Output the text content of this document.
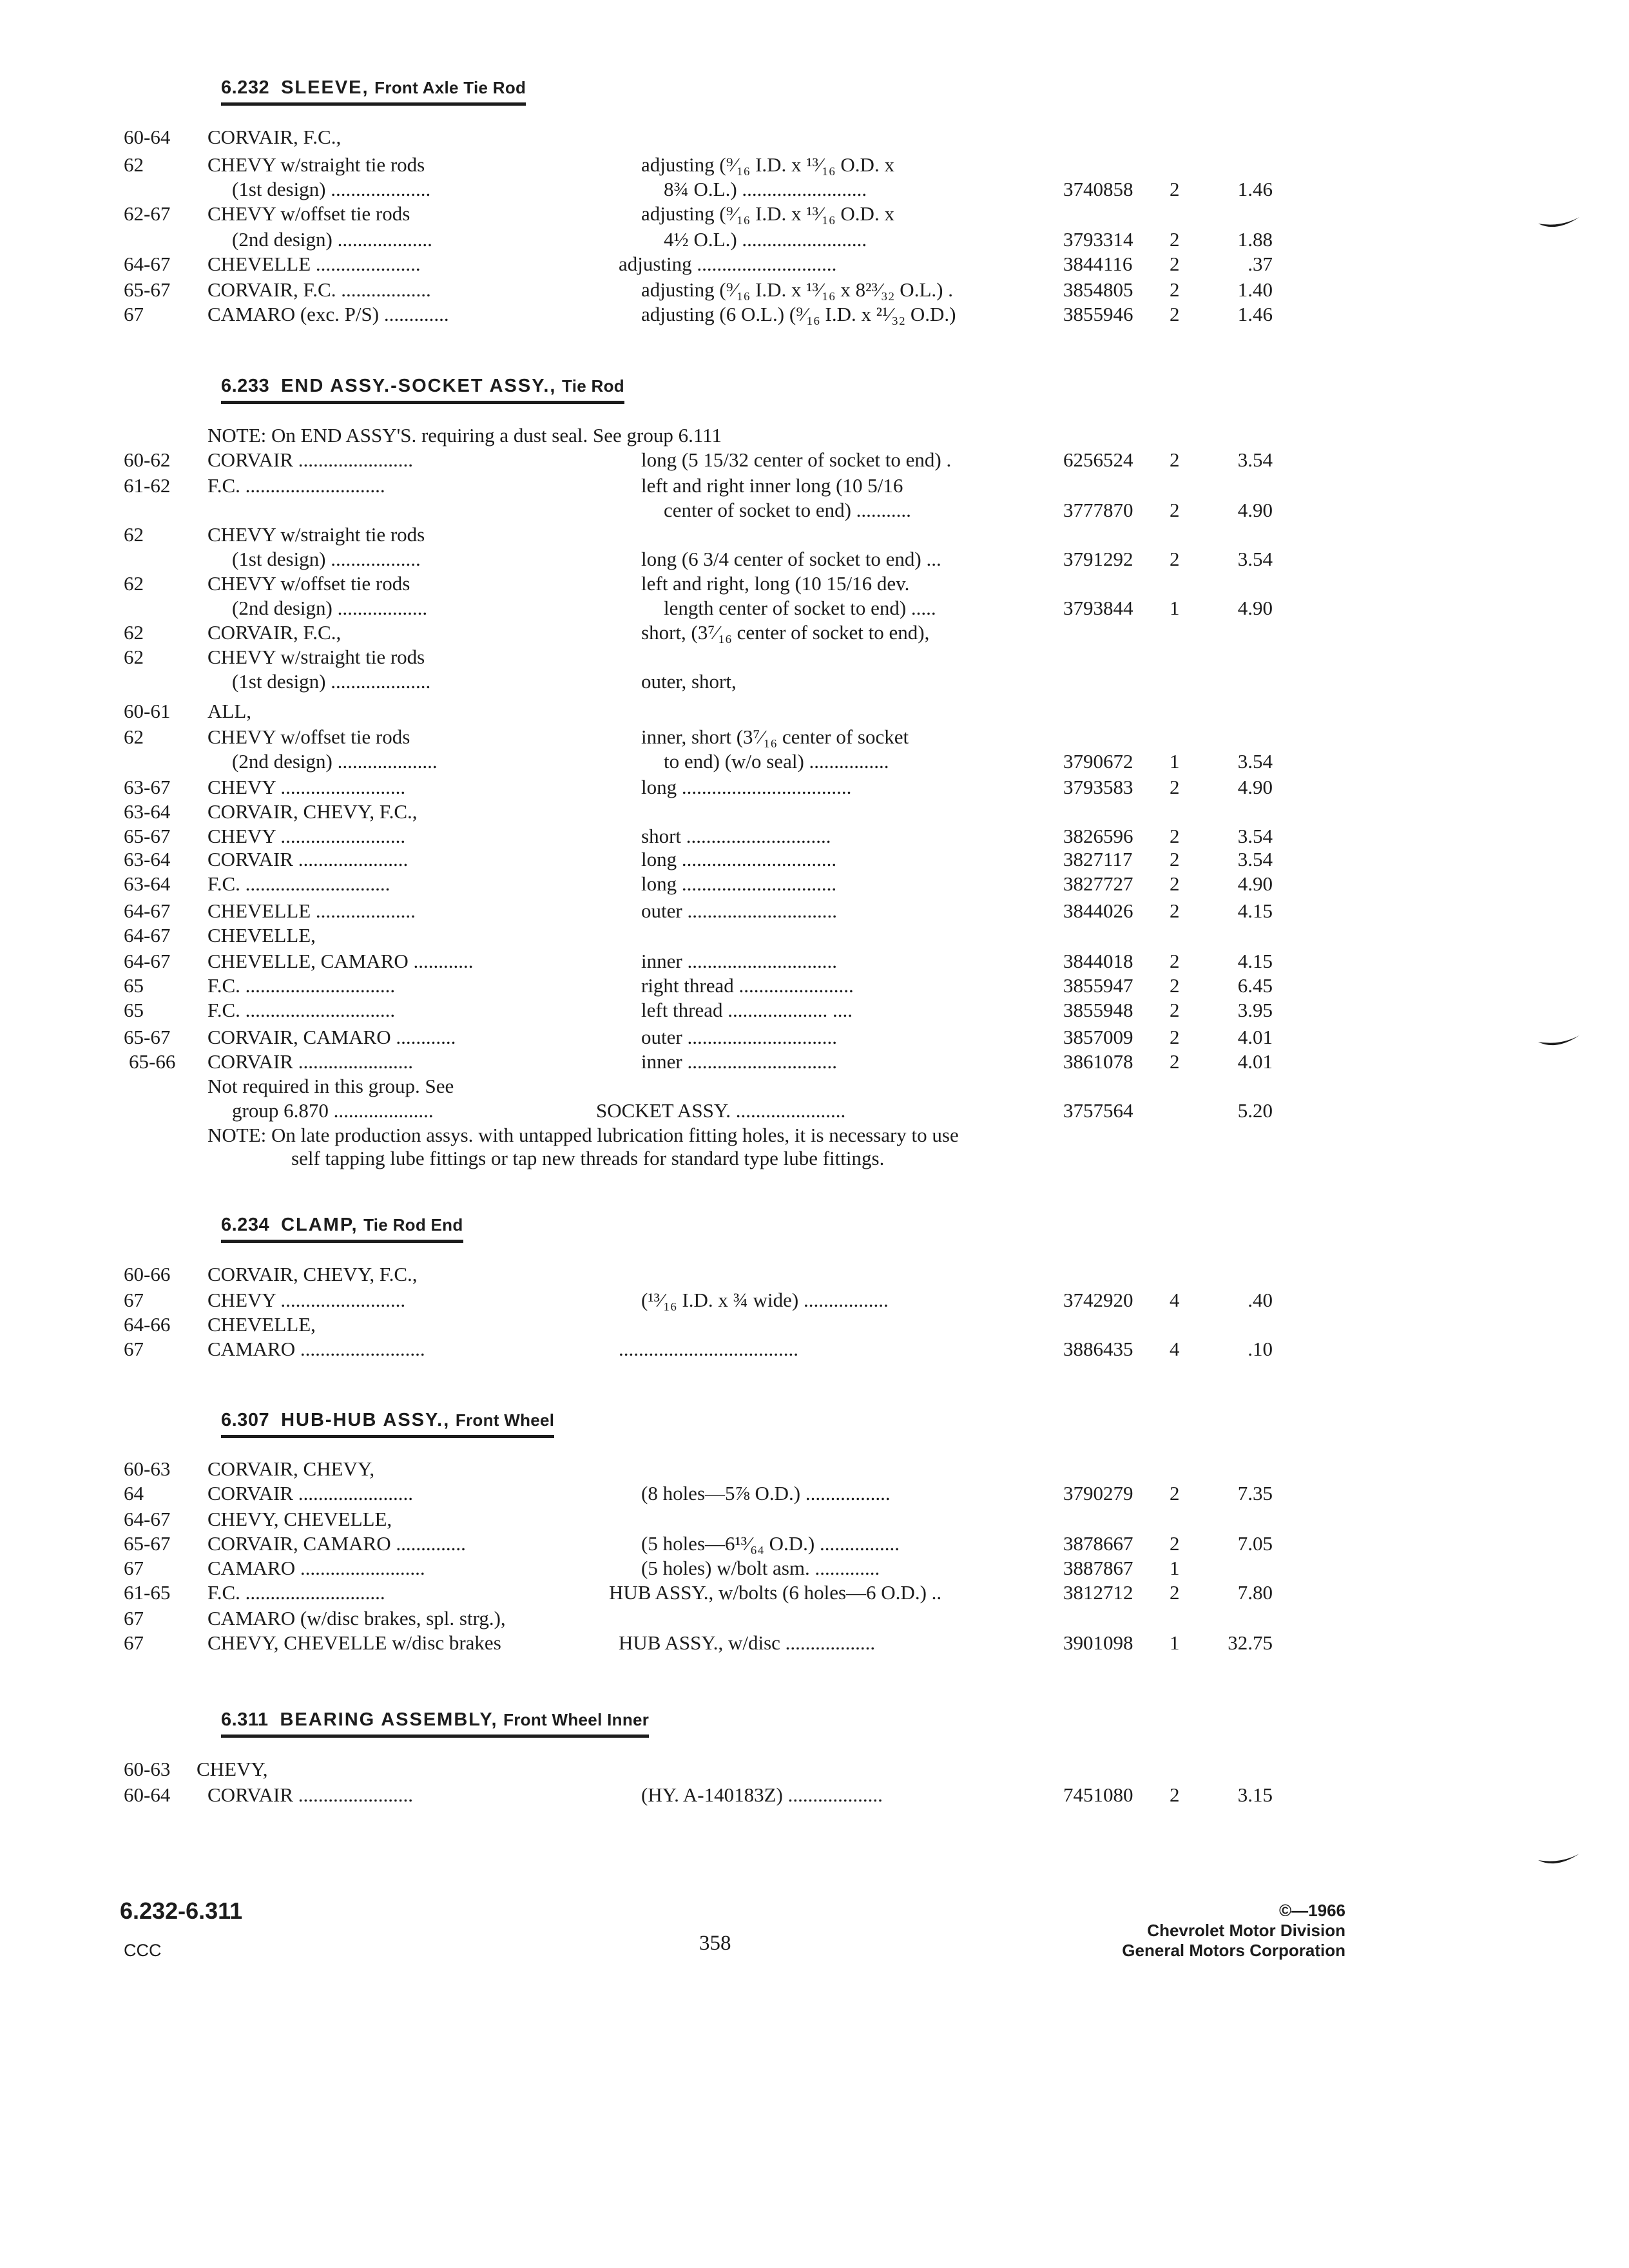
6.232 SLEEVE, Front Axle Tie Rod
6.233 END ASSY.-SOCKET ASSY., Tie Rod
6.234 CLAMP, Tie Rod End
6.307 HUB-HUB ASSY., Front Wheel
6.311 BEARING ASSEMBLY, Front Wheel Inner
60-64 CORVAIR, F.C.,
62	CHEVY w/straight tie rods	adjusting (⁹⁄₁₆ I.D. x ¹³⁄₁₆ O.D. x
(1st design) ....................	8¾ O.L.) .........................	3740858 2	1.46
62-67 CHEVY w/offset tie rods	adjusting (⁹⁄₁₆ I.D. x ¹³⁄₁₆ O.D. x
(2nd design) ...................	4½ O.L.) .........................	3793314 2	1.88
64-67 CHEVELLE .....................	adjusting ............................	3844116 2	.37
65-67 CORVAIR, F.C. ..................	adjusting (⁹⁄₁₆ I.D. x ¹³⁄₁₆ x 8²³⁄₃₂ O.L.) .	3854805 2	1.40
67	CAMARO (exc. P/S) .............	adjusting (6 O.L.) (⁹⁄₁₆ I.D. x ²¹⁄₃₂ O.D.)	3855946 2	1.46
NOTE: On END ASSY'S. requiring a dust seal. See group 6.111
60-62 CORVAIR .......................	long (5 15/32 center of socket to end) .	6256524 2	3.54
61-62 F.C. ............................	left and right inner long (10 5/16
center of socket to end) ...........	3777870 2	4.90
62	CHEVY w/straight tie rods
(1st design) ..................	long (6 3/4 center of socket to end) ...	3791292 2	3.54
62	CHEVY w/offset tie rods	left and right, long (10 15/16 dev.
(2nd design) ..................	length center of socket to end) .....	3793844 1	4.90
62	CORVAIR, F.C.,	short, (3⁷⁄₁₆ center of socket to end),
62	CHEVY w/straight tie rods
(1st design) ....................	outer, short,
60-61 ALL,
62	CHEVY w/offset tie rods	inner, short (3⁷⁄₁₆ center of socket
(2nd design) ....................	to end) (w/o seal) ................	3790672 1	3.54
63-67 CHEVY .........................	long ..................................	3793583 2	4.90
63-64 CORVAIR, CHEVY, F.C.,
65-67 CHEVY .........................	short .............................	3826596 2	3.54
63-64 CORVAIR ......................	long ...............................	3827117 2	3.54
63-64 F.C. .............................	long ...............................	3827727 2	4.90
64-67 CHEVELLE ....................	outer ..............................	3844026 2	4.15
64-67 CHEVELLE,
64-67 CHEVELLE, CAMARO ............	inner ..............................	3844018 2	4.15
65	F.C. ..............................	right thread .......................	3855947 2	6.45
65	F.C. ..............................	left thread .................... ....	3855948 2	3.95
65-67 CORVAIR, CAMARO ............	outer ..............................	3857009 2	4.01
65-66 CORVAIR .......................	inner ..............................	3861078 2	4.01
Not required in this group. See
group 6.870 ....................	SOCKET ASSY. ......................	3757564	5.20
NOTE: On late production assys. with untapped lubrication fitting holes, it is necessary to use
self tapping lube fittings or tap new threads for standard type lube fittings.
60-66 CORVAIR, CHEVY, F.C.,
67	CHEVY .........................	(¹³⁄₁₆ I.D. x ¾ wide) .................	3742920 4	.40
64-66 CHEVELLE,
67	CAMARO .........................	....................................	3886435 4	.10
60-63 CORVAIR, CHEVY,
64	CORVAIR .......................	(8 holes—5⅞ O.D.) .................	3790279 2	7.35
64-67 CHEVY, CHEVELLE,
65-67 CORVAIR, CAMARO ..............	(5 holes—6¹³⁄₆₄ O.D.) ................	3878667 2	7.05
67	CAMARO .........................	(5 holes) w/bolt asm. .............	3887867 1
61-65 F.C. ............................	HUB ASSY., w/bolts (6 holes—6 O.D.) ..	3812712 2	7.80
67	CAMARO (w/disc brakes, spl. strg.),
67	CHEVY, CHEVELLE w/disc brakes	HUB ASSY., w/disc ..................	3901098 1	32.75
60-63 CHEVY,
60-64 CORVAIR .......................	(HY. A-140183Z) ...................	7451080 2	3.15
6.232-6.311
CCC	358
©—1966
Chevrolet Motor Division
General Motors Corporation
